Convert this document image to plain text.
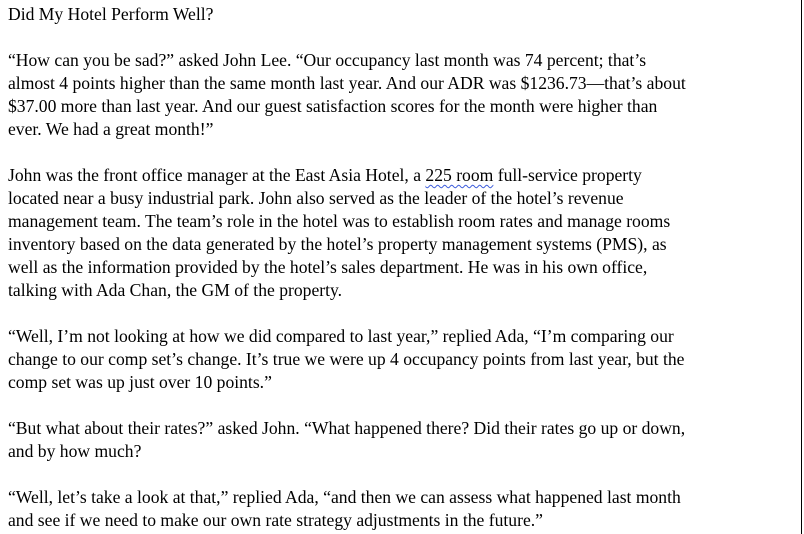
Did My Hotel Perform Well?
“How can you be sad?” asked John Lee. “Our occupancy last month was 74 percent; that’s
almost 4 points higher than the same month last year. And our ADR was $1236.73—that’s about
$37.00 more than last year. And our guest satisfaction scores for the month were higher than
ever. We had a great month!”
John was the front office manager at the East Asia Hotel, a 225 room full-service property
located near a busy industrial park. John also served as the leader of the hotel’s revenue
management team. The team’s role in the hotel was to establish room rates and manage rooms
inventory based on the data generated by the hotel’s property management systems (PMS), as
well as the information provided by the hotel’s sales department. He was in his own office,
talking with Ada Chan, the GM of the property.
“Well, I’m not looking at how we did compared to last year,” replied Ada, “I’m comparing our
change to our comp set’s change. It’s true we were up 4 occupancy points from last year, but the
comp set was up just over 10 points.”
“But what about their rates?” asked John. “What happened there? Did their rates go up or down,
and by how much?
“Well, let’s take a look at that,” replied Ada, “and then we can assess what happened last month
and see if we need to make our own rate strategy adjustments in the future.”
